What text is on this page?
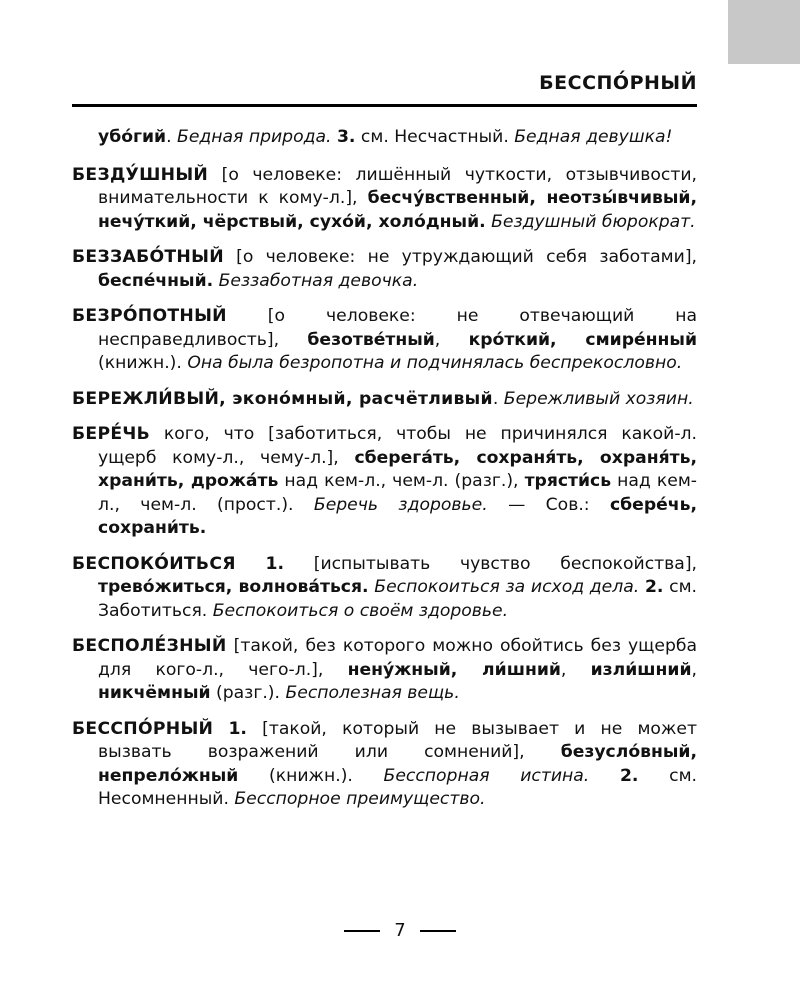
БЕССПО́РНЫЙ

убо́гий. Бедная природа. 3. см. Несчастный. Бедная девушка!

БЕЗДУ́ШНЫЙ [о человеке: лишённый чуткости, отзывчивости, внимательности к кому-л.], бесчу́вственный, неотзы́вчивый, нечу́ткий, чёрствый, сухо́й, холо́дный. Бездушный бюрократ.

БЕЗЗАБО́ТНЫЙ [о человеке: не утруждающий себя заботами], беспе́чный. Беззаботная девочка.

БЕЗРО́ПОТНЫЙ [о человеке: не отвечающий на несправедливость], безотве́тный, кро́ткий, смире́нный (книжн.). Она была безропотна и подчинялась беспрекословно.

БЕРЕЖЛИ́ВЫЙ, эконо́мный, расчётливый. Бережливый хозяин.

БЕРЕ́ЧЬ кого, что [заботиться, чтобы не причинялся какой-л. ущерб кому-л., чему-л.], сберега́ть, сохраня́ть, охраня́ть, храни́ть, дрожа́ть над кем-л., чем-л. (разг.), трясти́сь над кем-л., чем-л. (прост.). Беречь здоровье. — Сов.: сбере́чь, сохрани́ть.

БЕСПОКО́ИТЬСЯ 1. [испытывать чувство беспокойства], трево́житься, волнова́ться. Беспокоиться за исход дела. 2. см. Заботиться. Беспокоиться о своём здоровье.

БЕСПОЛЕ́ЗНЫЙ [такой, без которого можно обойтись без ущерба для кого-л., чего-л.], нену́жный, ли́шний, изли́шний, никчёмный (разг.). Бесполезная вещь.

БЕССПО́РНЫЙ 1. [такой, который не вызывает и не может вызвать возражений или сомнений], безусло́вный, непрело́жный (книжн.). Бесспорная истина. 2. см. Несомненный. Бесспорное преимущество.

7
